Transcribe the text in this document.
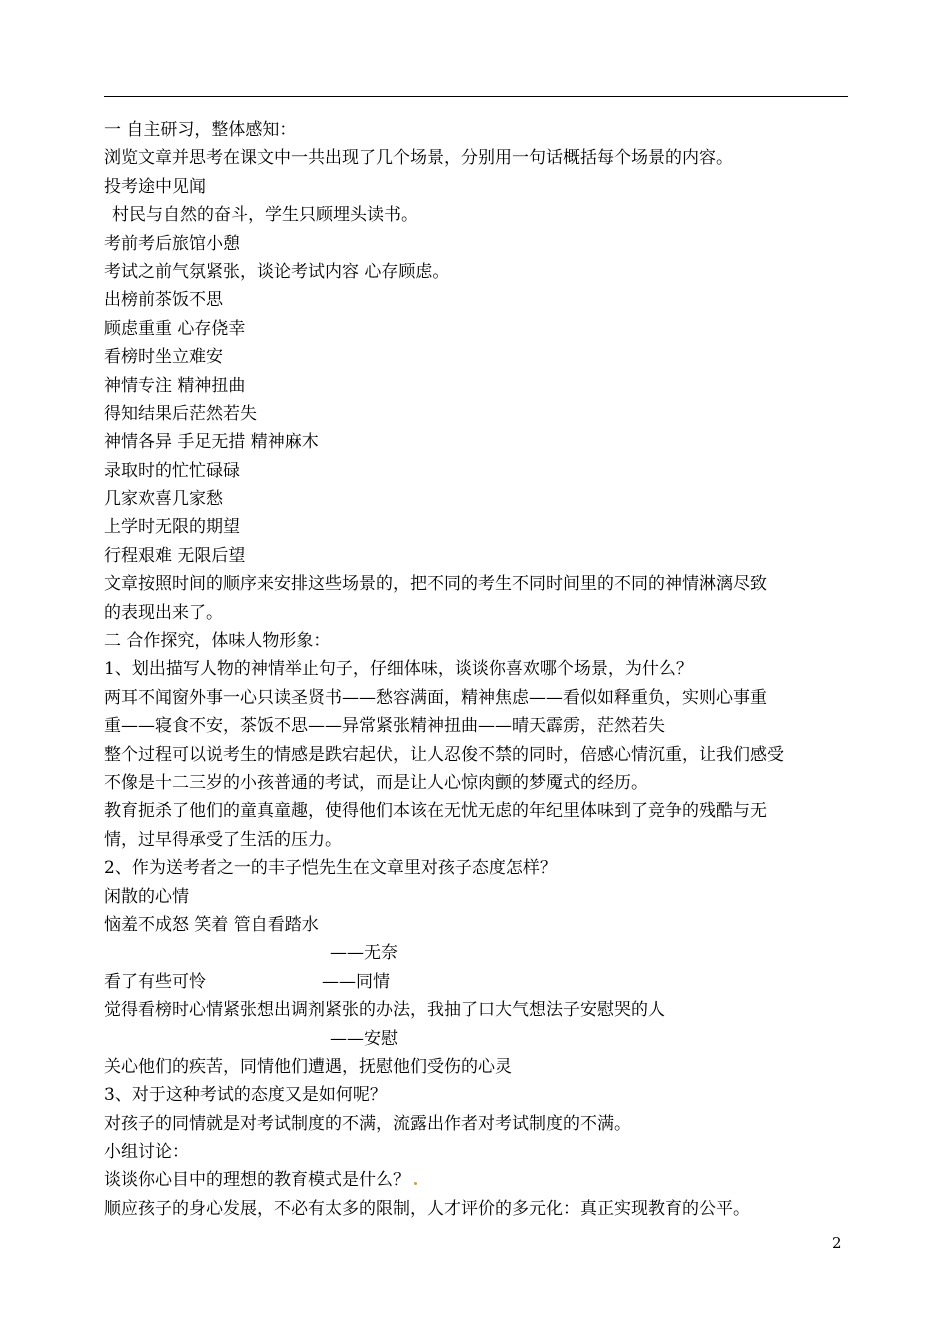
一 自主研习，整体感知：
浏览文章并思考在课文中一共出现了几个场景，分别用一句话概括每个场景的内容。
投考途中见闻
村民与自然的奋斗，学生只顾埋头读书。
考前考后旅馆小憩
考试之前气氛紧张，谈论考试内容 心存顾虑。
出榜前茶饭不思
顾虑重重 心存侥幸
看榜时坐立难安
神情专注 精神扭曲
得知结果后茫然若失
神情各异 手足无措 精神麻木
录取时的忙忙碌碌
几家欢喜几家愁
上学时无限的期望
行程艰难 无限后望
文章按照时间的顺序来安排这些场景的，把不同的考生不同时间里的不同的神情淋漓尽致
的表现出来了。
二 合作探究，体味人物形象：
1、划出描写人物的神情举止句子，仔细体味，谈谈你喜欢哪个场景，为什么？
两耳不闻窗外事一心只读圣贤书——愁容满面，精神焦虑——看似如释重负，实则心事重
重——寝食不安，茶饭不思——异常紧张精神扭曲——晴天霹雳，茫然若失
整个过程可以说考生的情感是跌宕起伏，让人忍俊不禁的同时，倍感心情沉重，让我们感受
不像是十二三岁的小孩普通的考试，而是让人心惊肉颤的梦魇式的经历。
教育扼杀了他们的童真童趣，使得他们本该在无忧无虑的年纪里体味到了竞争的残酷与无
情，过早得承受了生活的压力。
2、作为送考者之一的丰子恺先生在文章里对孩子态度怎样？
闲散的心情
恼羞不成怒 笑着 管自看踏水
——无奈
看了有些可怜	——同情
觉得看榜时心情紧张想出调剂紧张的办法，我抽了口大气想法子安慰哭的人
——安慰
关心他们的疾苦，同情他们遭遇，抚慰他们受伤的心灵
3、对于这种考试的态度又是如何呢？
对孩子的同情就是对考试制度的不满，流露出作者对考试制度的不满。
小组讨论：
谈谈你心目中的理想的教育模式是什么？
顺应孩子的身心发展，不必有太多的限制，人才评价的多元化：真正实现教育的公平。
2
